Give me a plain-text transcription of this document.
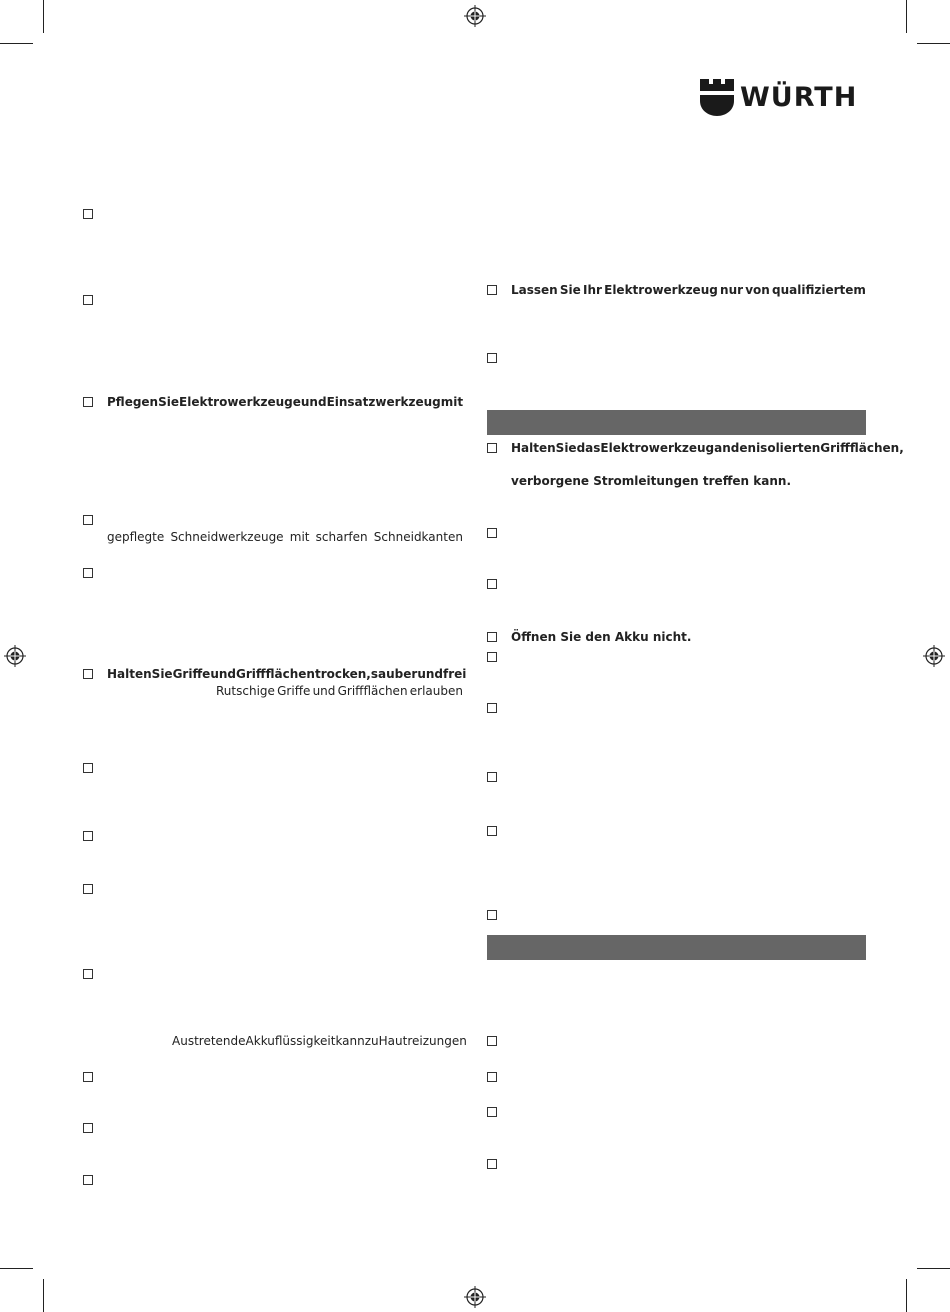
WÜRTH
Pflegen Sie Elektrowerkzeuge und Einsatzwerkzeug mit
gepflegte Schneidwerkzeuge mit scharfen Schneidkanten
Halten Sie Griffe und Griffflächen trocken, sauber und frei
Rutschige Griffe und Griffflächen erlauben
Austretende Akkuflüssigkeit kann zu Hautreizungen
Lassen Sie Ihr Elektrowerkzeug nur von qualifiziertem
Halten Sie das Elektrowerkzeug an den isolierten Griffflächen,
verborgene Stromleitungen treffen kann.
Öffnen Sie den Akku nicht.
